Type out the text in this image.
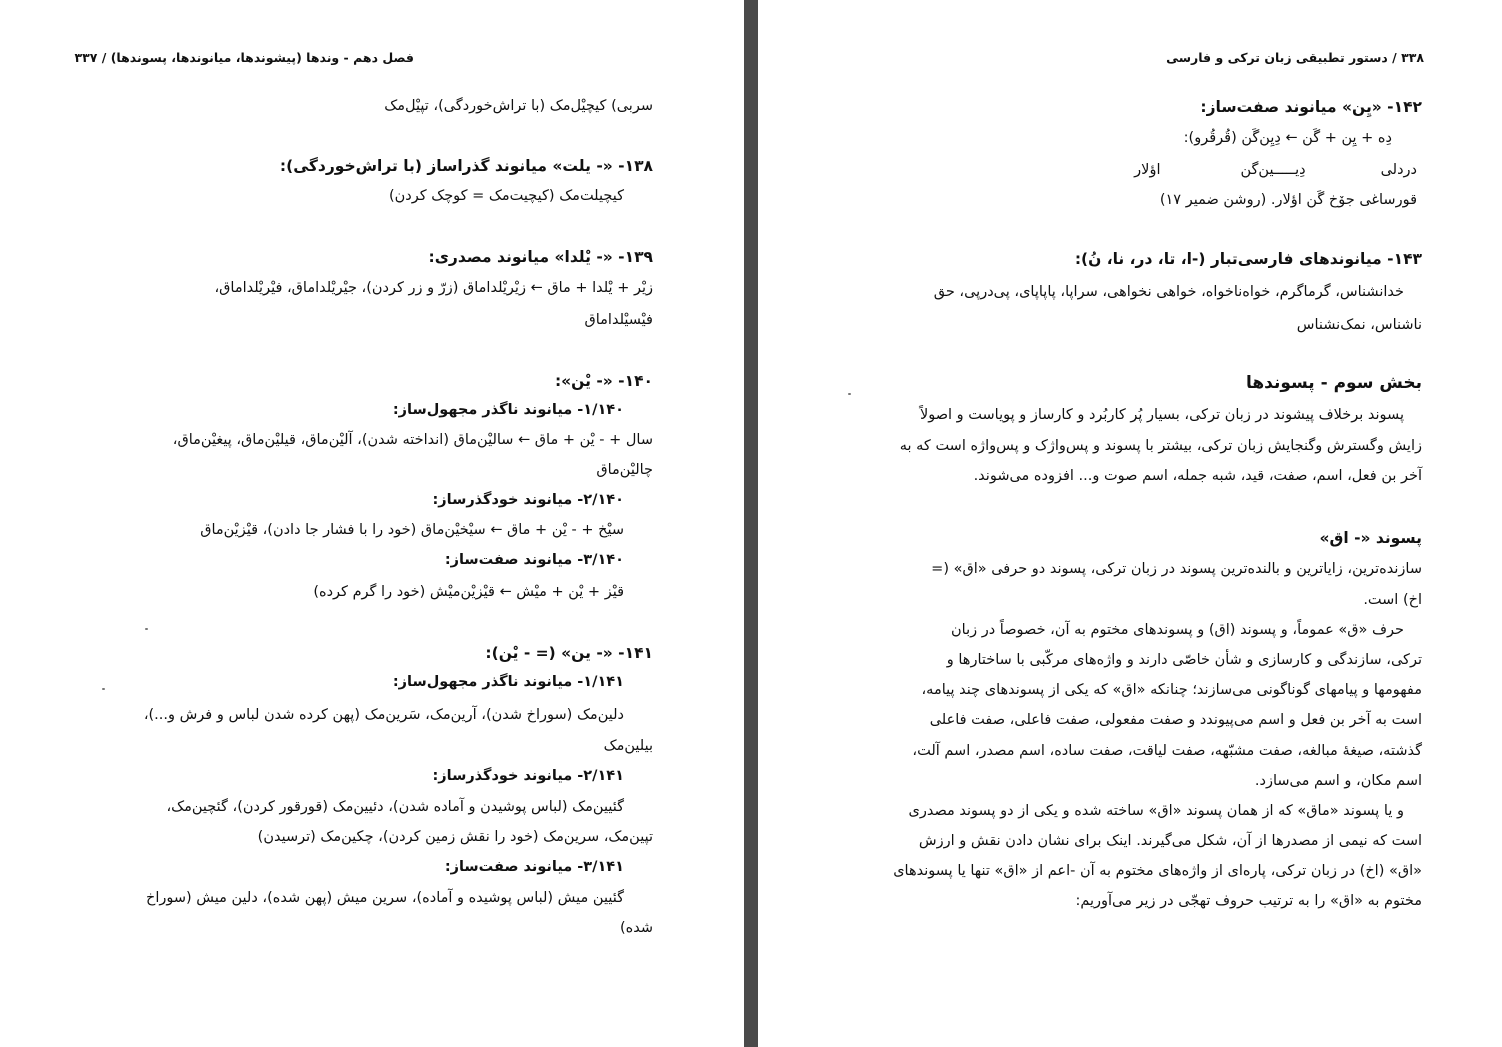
فصل دهم - وندها (پیشوندها، میانوندها، پسوندها) / ۳۳۷
سربی) کیچیْل‌مک (با تراش‌خوردگی)، تپیْل‌مک
۱۳۸- «- یلت» میانوند گذراساز (با تراش‌خوردگی):
کیچیلت‌مک (کیچیت‌مک = کوچک کردن)
۱۳۹- «- یْلدا» میانوند مصدری:
زیْر + یْلدا + ماق ← زیْریْلداماق (زرّ و زر کردن)، جیْریْلداماق، فیْریْلداماق،
فیْسیْلداماق
۱۴۰- «- یْن»:
۱/۱۴۰- میانوند ناگذر مجهول‌ساز:
سال + - یْن + ماق ← سالیْن‌ماق (انداخته شدن)، آلیْن‌ماق، قیلیْن‌ماق، پیغیْن‌ماق،
چالیْن‌ماق
۲/۱۴۰- میانوند خودگذرساز:
سیْخ + - یْن + ماق ← سیْخیْن‌ماق (خود را با فشار جا دادن)، قیْزیْن‌ماق
۳/۱۴۰- میانوند صفت‌ساز:
قیْز + یْن + میْش ← قیْزیْن‌میْش (خود را گرم کرده)
۱۴۱- «- ین» (= - یْن):
۱/۱۴۱- میانوند ناگذر مجهول‌ساز:
دلین‌مک (سوراخ شدن)، آرین‌مک، سَرین‌مک (پهن کرده شدن لباس و فرش و...)،
بیلین‌مک
۲/۱۴۱- میانوند خودگذرساز:
گئیین‌مک (لباس پوشیدن و آماده شدن)، دئیین‌مک (قورقور کردن)، گئچین‌مک،
تپین‌مک، سرین‌مک (خود را نقش زمین کردن)، چکین‌مک (ترسیدن)
۳/۱۴۱- میانوند صفت‌ساز:
گئیین میش (لباس پوشیده و آماده)، سرین میش (پهن شده)، دلین میش (سوراخ
شده)
۳۳۸ / دستور تطبیقی زبان ترکی و فارسی
۱۴۲- «یِن» میانوند صفت‌ساز:
دِه + یِن + گَن ← دِیِن‌گَن (قُرقُرو):
دردلی
دِیـــــین‌گن
اؤلار
قورساغی جۆخ گَن اؤلار. (روشن ضمیر ۱۷)
۱۴۳- میانوندهای فارسی‌تبار (-ا، تا، در، نا، نُ):
خدانشناس، گرماگرم، خواه‌ناخواه، خواهی نخواهی، سراپا، پاپاپای، پی‌درپی، حق
ناشناس، نمک‌نشناس
بخش سوم - پسوندها
پسوند برخلاف پیشوند در زبان ترکی، بسیار پُر کاربُرد و کارساز و پویاست و اصولاً
زایش وگسترش وگنجایش زبان ترکی، بیشتر با پسوند و پس‌واژک و پس‌واژه است که به
آخر بن فعل، اسم، صفت، قید، شبه جمله، اسم صوت و... افزوده می‌شوند.
پسوند «- اق»
سازنده‌ترین، زایاترین و بالنده‌ترین پسوند در زبان ترکی، پسوند دو حرفی «اق» (=
اخ) است.
حرف «ق» عموماً، و پسوند (اق) و پسوندهای مختوم به آن، خصوصاً در زبان
ترکی، سازندگی و کارسازی و شأن خاصّی دارند و واژه‌های مرکّبی با ساختارها و
مفهومها و پیامهای گوناگونی می‌سازند؛ چنانکه «اق» که یکی از پسوندهای چند پیامه،
است به آخر بن فعل و اسم می‌پیوندد و صفت مفعولی، صفت فاعلی، صفت فاعلی
گذشته، صیغهٔ مبالغه، صفت مشبّهه، صفت لیاقت، صفت ساده، اسم مصدر، اسم آلت،
اسم مکان، و اسم می‌سازد.
و یا پسوند «ماق» که از همان پسوند «اق» ساخته شده و یکی از دو پسوند مصدری
است که نیمی از مصدرها از آن، شکل می‌گیرند. اینک برای نشان دادن نقش و ارزش
«اق» (اخ) در زبان ترکی، پاره‌ای از واژه‌های مختوم به آن -اعم از «اق» تنها یا پسوندهای
مختوم به «اق» را به ترتیب حروف تهجّی در زیر می‌آوریم:
